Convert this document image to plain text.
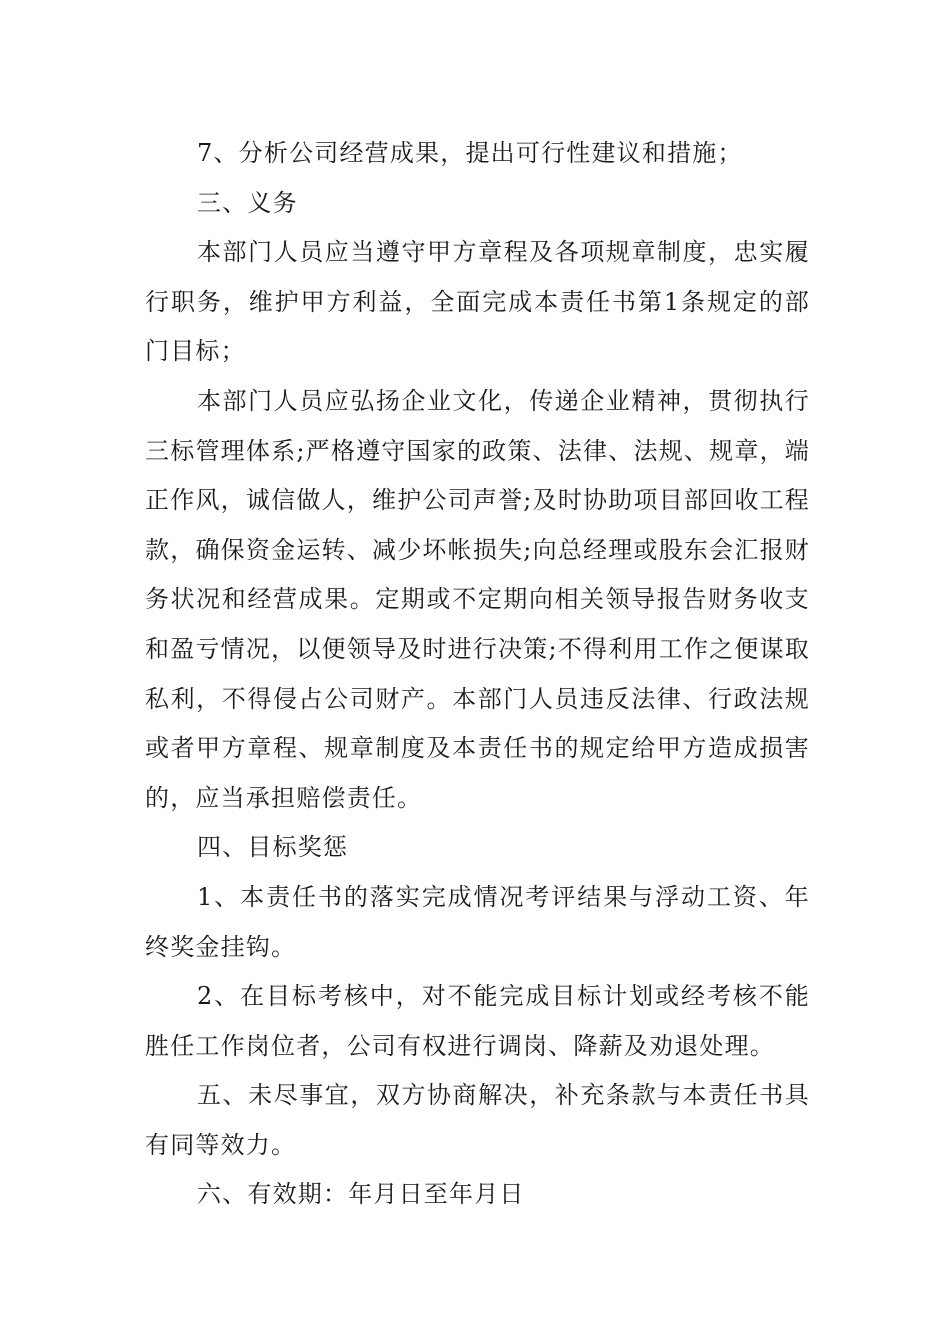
7、分析公司经营成果，提出可行性建议和措施；

三、义务

本部门人员应当遵守甲方章程及各项规章制度，忠实履行职务，维护甲方利益，全面完成本责任书第1条规定的部门目标；

本部门人员应弘扬企业文化，传递企业精神，贯彻执行三标管理体系;严格遵守国家的政策、法律、法规、规章，端正作风，诚信做人，维护公司声誉;及时协助项目部回收工程款，确保资金运转、减少坏帐损失;向总经理或股东会汇报财务状况和经营成果。定期或不定期向相关领导报告财务收支和盈亏情况，以便领导及时进行决策;不得利用工作之便谋取私利，不得侵占公司财产。本部门人员违反法律、行政法规或者甲方章程、规章制度及本责任书的规定给甲方造成损害的，应当承担赔偿责任。

四、目标奖惩

1、本责任书的落实完成情况考评结果与浮动工资、年终奖金挂钩。

2、在目标考核中，对不能完成目标计划或经考核不能胜任工作岗位者，公司有权进行调岗、降薪及劝退处理。

五、未尽事宜，双方协商解决，补充条款与本责任书具有同等效力。

六、有效期：年月日至年月日
